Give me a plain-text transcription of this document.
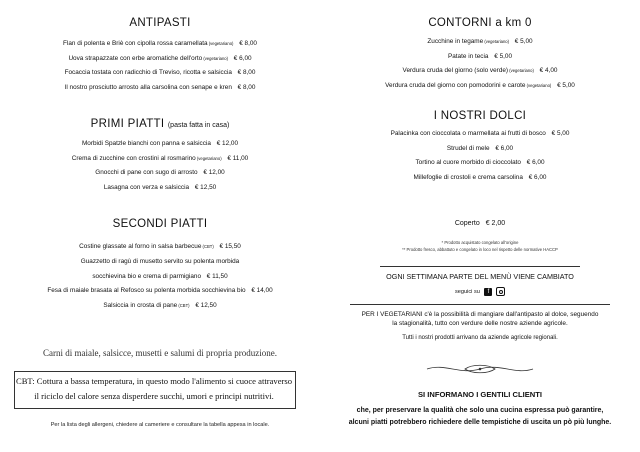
ANTIPASTI
PRIMI PIATTI (pasta fatta in casa)
SECONDI PIATTI
Carni di maiale, salsicce, musetti e salumi di propria produzione.
CBT: Cottura a bassa temperatura, in questo modo l'alimento si cuoce attraverso
il riciclo del calore senza disperdere succhi, umori e principi nutritivi.
Per la lista degli allergeni, chiedere al cameriere e consultare la tabella appesa in locale.
Flan di polenta e Briè con cipolla rossa caramellata (vegetariano) € 8,00
Uova strapazzate con erbe aromatiche dell'orto (vegetariano) € 6,00
Focaccia tostata con radicchio di Treviso, ricotta e salsiccia € 8,00
Il nostro prosciutto arrosto alla carsolina con senape e kren € 8,00
Morbidi Spatzle bianchi con panna e salsiccia € 12,00
Crema di zucchine con crostini al rosmarino (vegetariano) € 11,00
Gnocchi di pane con sugo di arrosto € 12,00
Lasagna con verza e salsiccia € 12,50
Costine glassate al forno in salsa barbecue (CBT) € 15,50
Guazzetto di ragù di musetto servito su polenta morbida
socchievina bio e crema di parmigiano € 11,50
Fesa di maiale brasata al Refosco su polenta morbida socchievina bio € 14,00
Salsiccia in crosta di pane (CBT) € 12,50
Zucchine in tegame (vegetariano) € 5,00
Patate in tecia € 5,00
Verdura cruda del giorno (solo verde) (vegetariano) € 4,00
Verdura cruda del giorno con pomodorini e carote (vegetariano) € 5,00
Palacinka con cioccolata o marmellata ai frutti di bosco € 5,00
Strudel di mele € 6,00
Tortino al cuore morbido di cioccolato € 6,00
Millefoglie di crostoli e crema carsolina € 6,00
CONTORNI a km 0
I NOSTRI DOLCI
Coperto € 2,00
* Prodotto acquistato congelato all'origine
** Prodotto fresco, abbattuto e congelato in loco nel rispetto delle normative HACCP
OGNI SETTIMANA PARTE DEL MENÙ VIENE CAMBIATO
seguici su f
PER I VEGETARIANI c'è la possibilità di mangiare dall'antipasto al dolce, seguendo
la stagionalità, tutto con verdure delle nostre aziende agricole.
Tutti i nostri prodotti arrivano da aziende agricole regionali.
SI INFORMANO I GENTILI CLIENTI
che, per preservare la qualità che solo una cucina espressa può garantire,
alcuni piatti potrebbero richiedere delle tempistiche di uscita un pò più lunghe.
